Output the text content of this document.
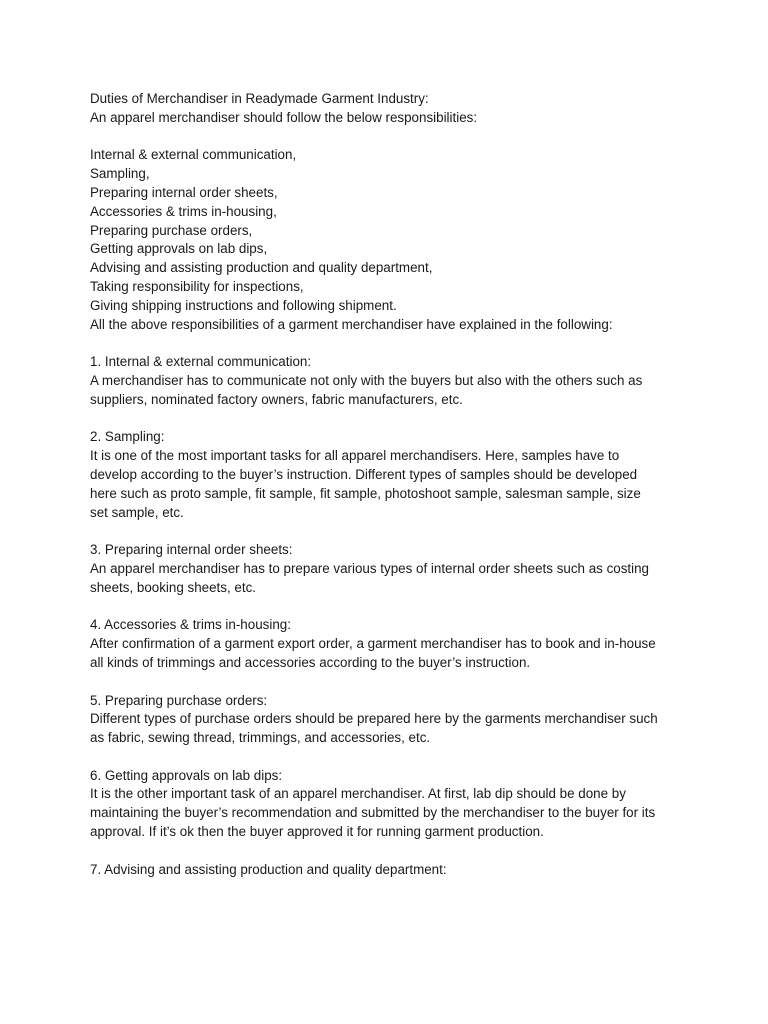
Duties of Merchandiser in Readymade Garment Industry:
An apparel merchandiser should follow the below responsibilities:
Internal & external communication,
Sampling,
Preparing internal order sheets,
Accessories & trims in-housing,
Preparing purchase orders,
Getting approvals on lab dips,
Advising and assisting production and quality department,
Taking responsibility for inspections,
Giving shipping instructions and following shipment.
All the above responsibilities of a garment merchandiser have explained in the following:
1. Internal & external communication:
A merchandiser has to communicate not only with the buyers but also with the others such as
suppliers, nominated factory owners, fabric manufacturers, etc.
2. Sampling:
It is one of the most important tasks for all apparel merchandisers. Here, samples have to
develop according to the buyer’s instruction. Different types of samples should be developed
here such as proto sample, fit sample, fit sample, photoshoot sample, salesman sample, size
set sample, etc.
3. Preparing internal order sheets:
An apparel merchandiser has to prepare various types of internal order sheets such as costing
sheets, booking sheets, etc.
4. Accessories & trims in-housing:
After confirmation of a garment export order, a garment merchandiser has to book and in-house
all kinds of trimmings and accessories according to the buyer’s instruction.
5. Preparing purchase orders:
Different types of purchase orders should be prepared here by the garments merchandiser such
as fabric, sewing thread, trimmings, and accessories, etc.
6. Getting approvals on lab dips:
It is the other important task of an apparel merchandiser. At first, lab dip should be done by
maintaining the buyer’s recommendation and submitted by the merchandiser to the buyer for its
approval. If it’s ok then the buyer approved it for running garment production.
7. Advising and assisting production and quality department:
